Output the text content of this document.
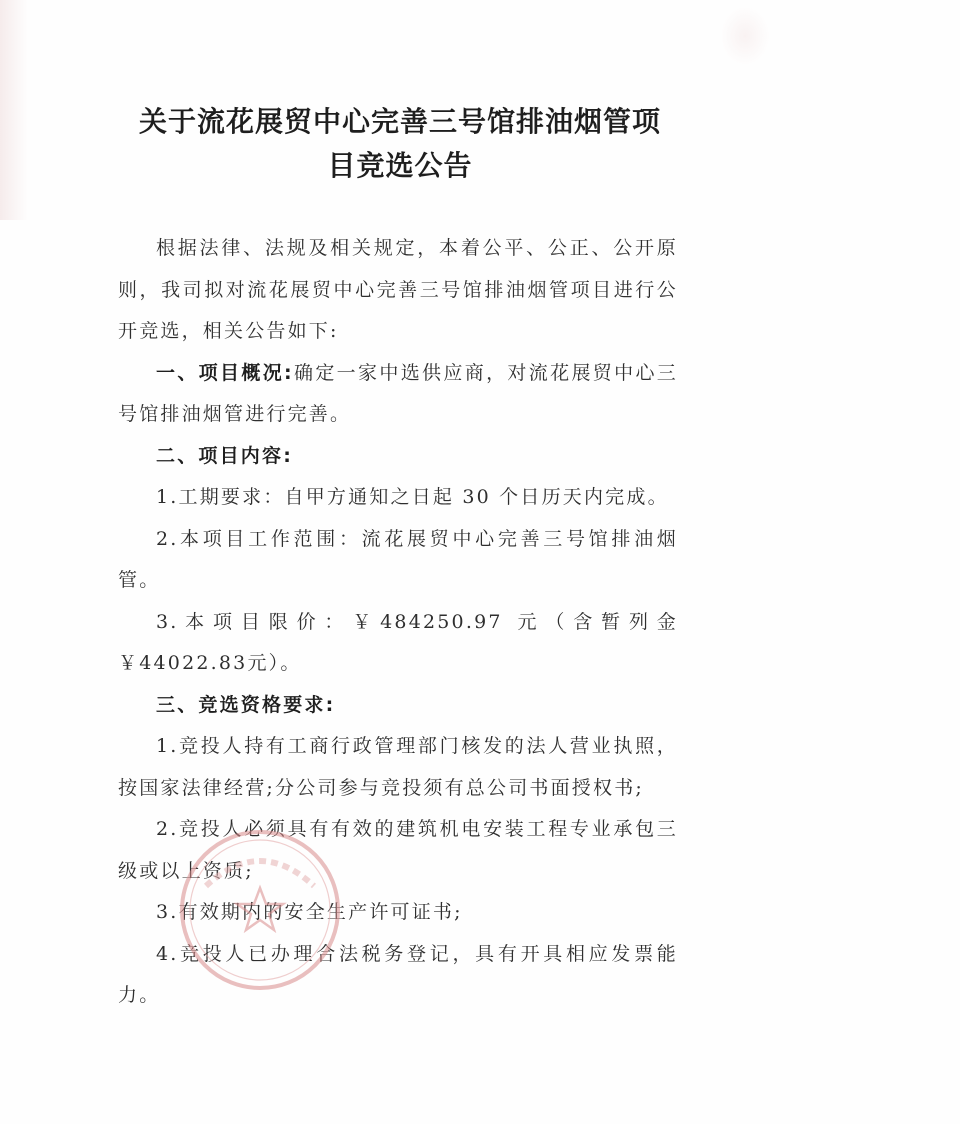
关于流花展贸中心完善三号馆排油烟管项
目竞选公告

根据法律、法规及相关规定，本着公平、公正、公开原则，我司拟对流花展贸中心完善三号馆排油烟管项目进行公开竞选，相关公告如下:

一、项目概况:确定一家中选供应商，对流花展贸中心三号馆排油烟管进行完善。

二、项目内容:

1.工期要求：自甲方通知之日起 30 个日历天内完成。

2.本项目工作范围：流花展贸中心完善三号馆排油烟管。

3.本项目限价：￥484250.97 元（含暂列金￥44022.83元）。

三、竞选资格要求:

1.竞投人持有工商行政管理部门核发的法人营业执照，按国家法律经营;分公司参与竞投须有总公司书面授权书;

2.竞投人必须具有有效的建筑机电安装工程专业承包三级或以上资质;

3.有效期内的安全生产许可证书;

4.竞投人已办理合法税务登记，具有开具相应发票能力。
